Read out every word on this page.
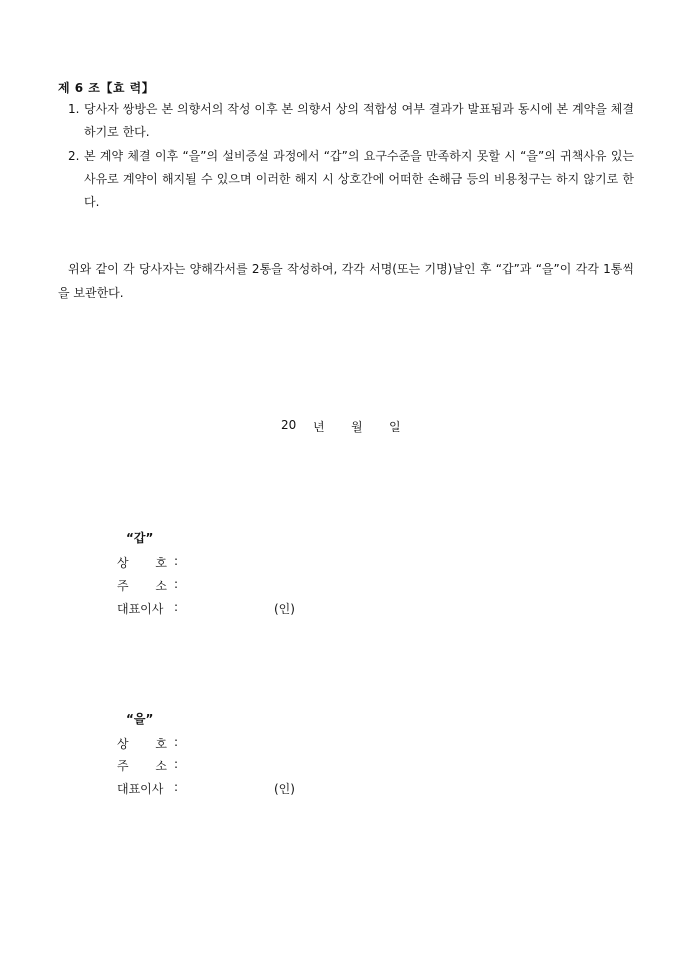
제 6 조【효 력】
1. 당사자 쌍방은 본 의향서의 작성 이후 본 의향서 상의 적합성 여부 결과가 발표됨과 동시에 본 계약을 체결하기로 한다.
2. 본 계약 체결 이후 “을”의 설비증설 과정에서 “갑”의 요구수준을 만족하지 못할 시 “을”의 귀책사유 있는 사유로 계약이 해지될 수 있으며 이러한 해지 시 상호간에 어떠한 손해금 등의 비용청구는 하지 않기로 한다.
위와 같이 각 당사자는 양해각서를 2통을 작성하여, 각각 서명(또는 기명)날인 후 “갑”과 “을”이 각각 1통씩을 보관한다.
20 년 월 일
“갑”
상 호 :
주 소 :
대표이사 :	(인)
“을”
상 호 :
주 소 :
대표이사 :	(인)
